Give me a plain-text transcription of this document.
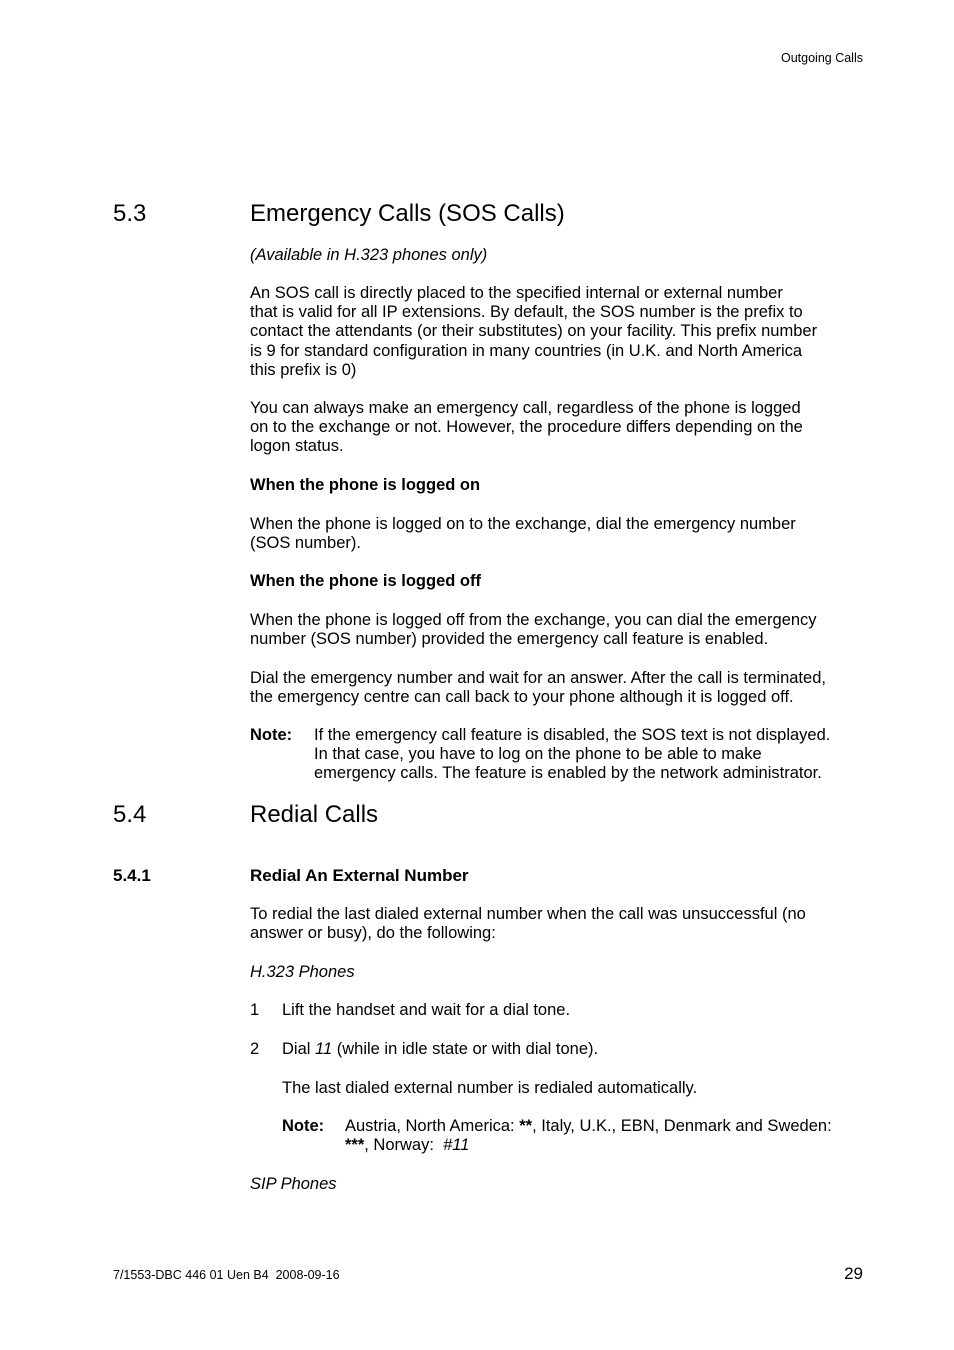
Outgoing Calls
5.3	Emergency Calls (SOS Calls)
(Available in H.323 phones only)
An SOS call is directly placed to the specified internal or external number
that is valid for all IP extensions. By default, the SOS number is the prefix to
contact the attendants (or their substitutes) on your facility. This prefix number
is 9 for standard configuration in many countries (in U.K. and North America
this prefix is 0)
You can always make an emergency call, regardless of the phone is logged
on to the exchange or not. However, the procedure differs depending on the
logon status.
When the phone is logged on
When the phone is logged on to the exchange, dial the emergency number
(SOS number).
When the phone is logged off
When the phone is logged off from the exchange, you can dial the emergency
number (SOS number) provided the emergency call feature is enabled.
Dial the emergency number and wait for an answer. After the call is terminated,
the emergency centre can call back to your phone although it is logged off.
Note: If the emergency call feature is disabled, the SOS text is not displayed.
In that case, you have to log on the phone to be able to make
emergency calls. The feature is enabled by the network administrator.
5.4	Redial Calls
5.4.1	Redial An External Number
To redial the last dialed external number when the call was unsuccessful (no
answer or busy), do the following:
H.323 Phones
1 Lift the handset and wait for a dial tone.
2 Dial 11 (while in idle state or with dial tone).
The last dialed external number is redialed automatically.
Note: Austria, North America: **, Italy, U.K., EBN, Denmark and Sweden:
***, Norway:  #11
SIP Phones
7/1553-DBC 446 01 Uen B4  2008-09-16	29
